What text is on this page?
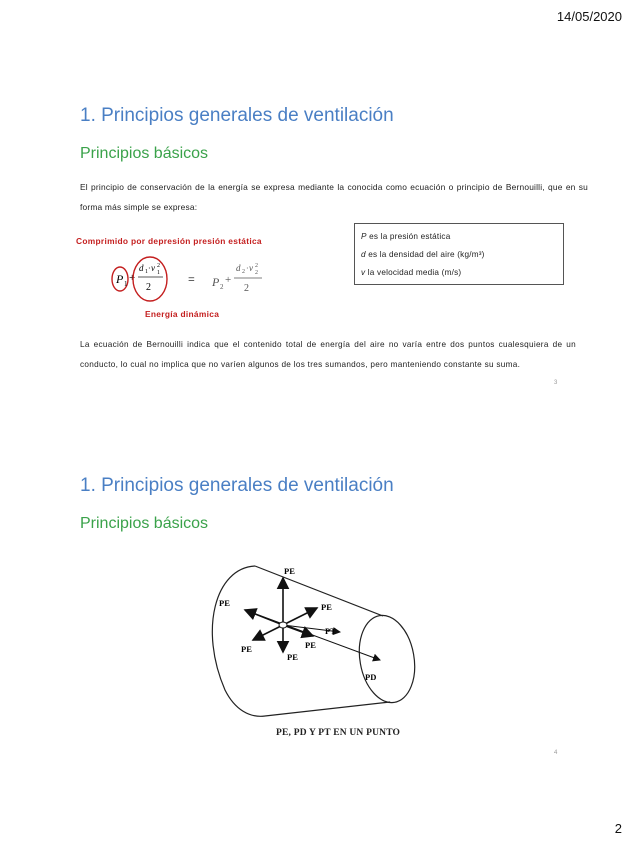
14/05/2020
1. Principios generales de ventilación
Principios básicos

El principio de conservación de la energía se expresa mediante la conocida como ecuación o principio de Bernouilli, que en su forma más simple se expresa:

Comprimido por depresión presión estática
P 1 +
d 1 · v 2
1
2
= P 2
+
d 2 · v 2
2
2
Energía dinámica
P es la presión estática
d es la densidad del aire (kg/m³)
v la velocidad media (m/s)

La ecuación de Bernouilli indica que el contenido total de energía del aire no varía entre dos puntos cualesquiera de un conducto, lo cual no implica que no varíen algunos de los tres sumandos, pero manteniendo constante su suma.

3
1. Principios generales de ventilación
Principios básicos
PE
PE	PE
PT
PE
PE
PE
PD
PE, PD Y PT EN UN PUNTO
4
2
